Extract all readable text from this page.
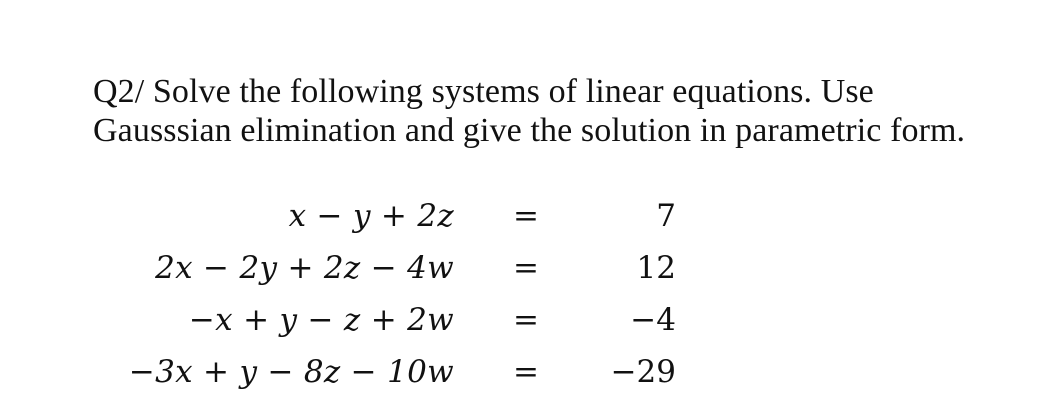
Q2/ Solve the following systems of linear equations. Use
Gausssian elimination and give the solution in parametric form.
x − y + 2z	=	7
2x − 2y + 2z − 4w	=	12
−x + y − z + 2w	=	−4
−3x + y − 8z − 10w	=	−29
